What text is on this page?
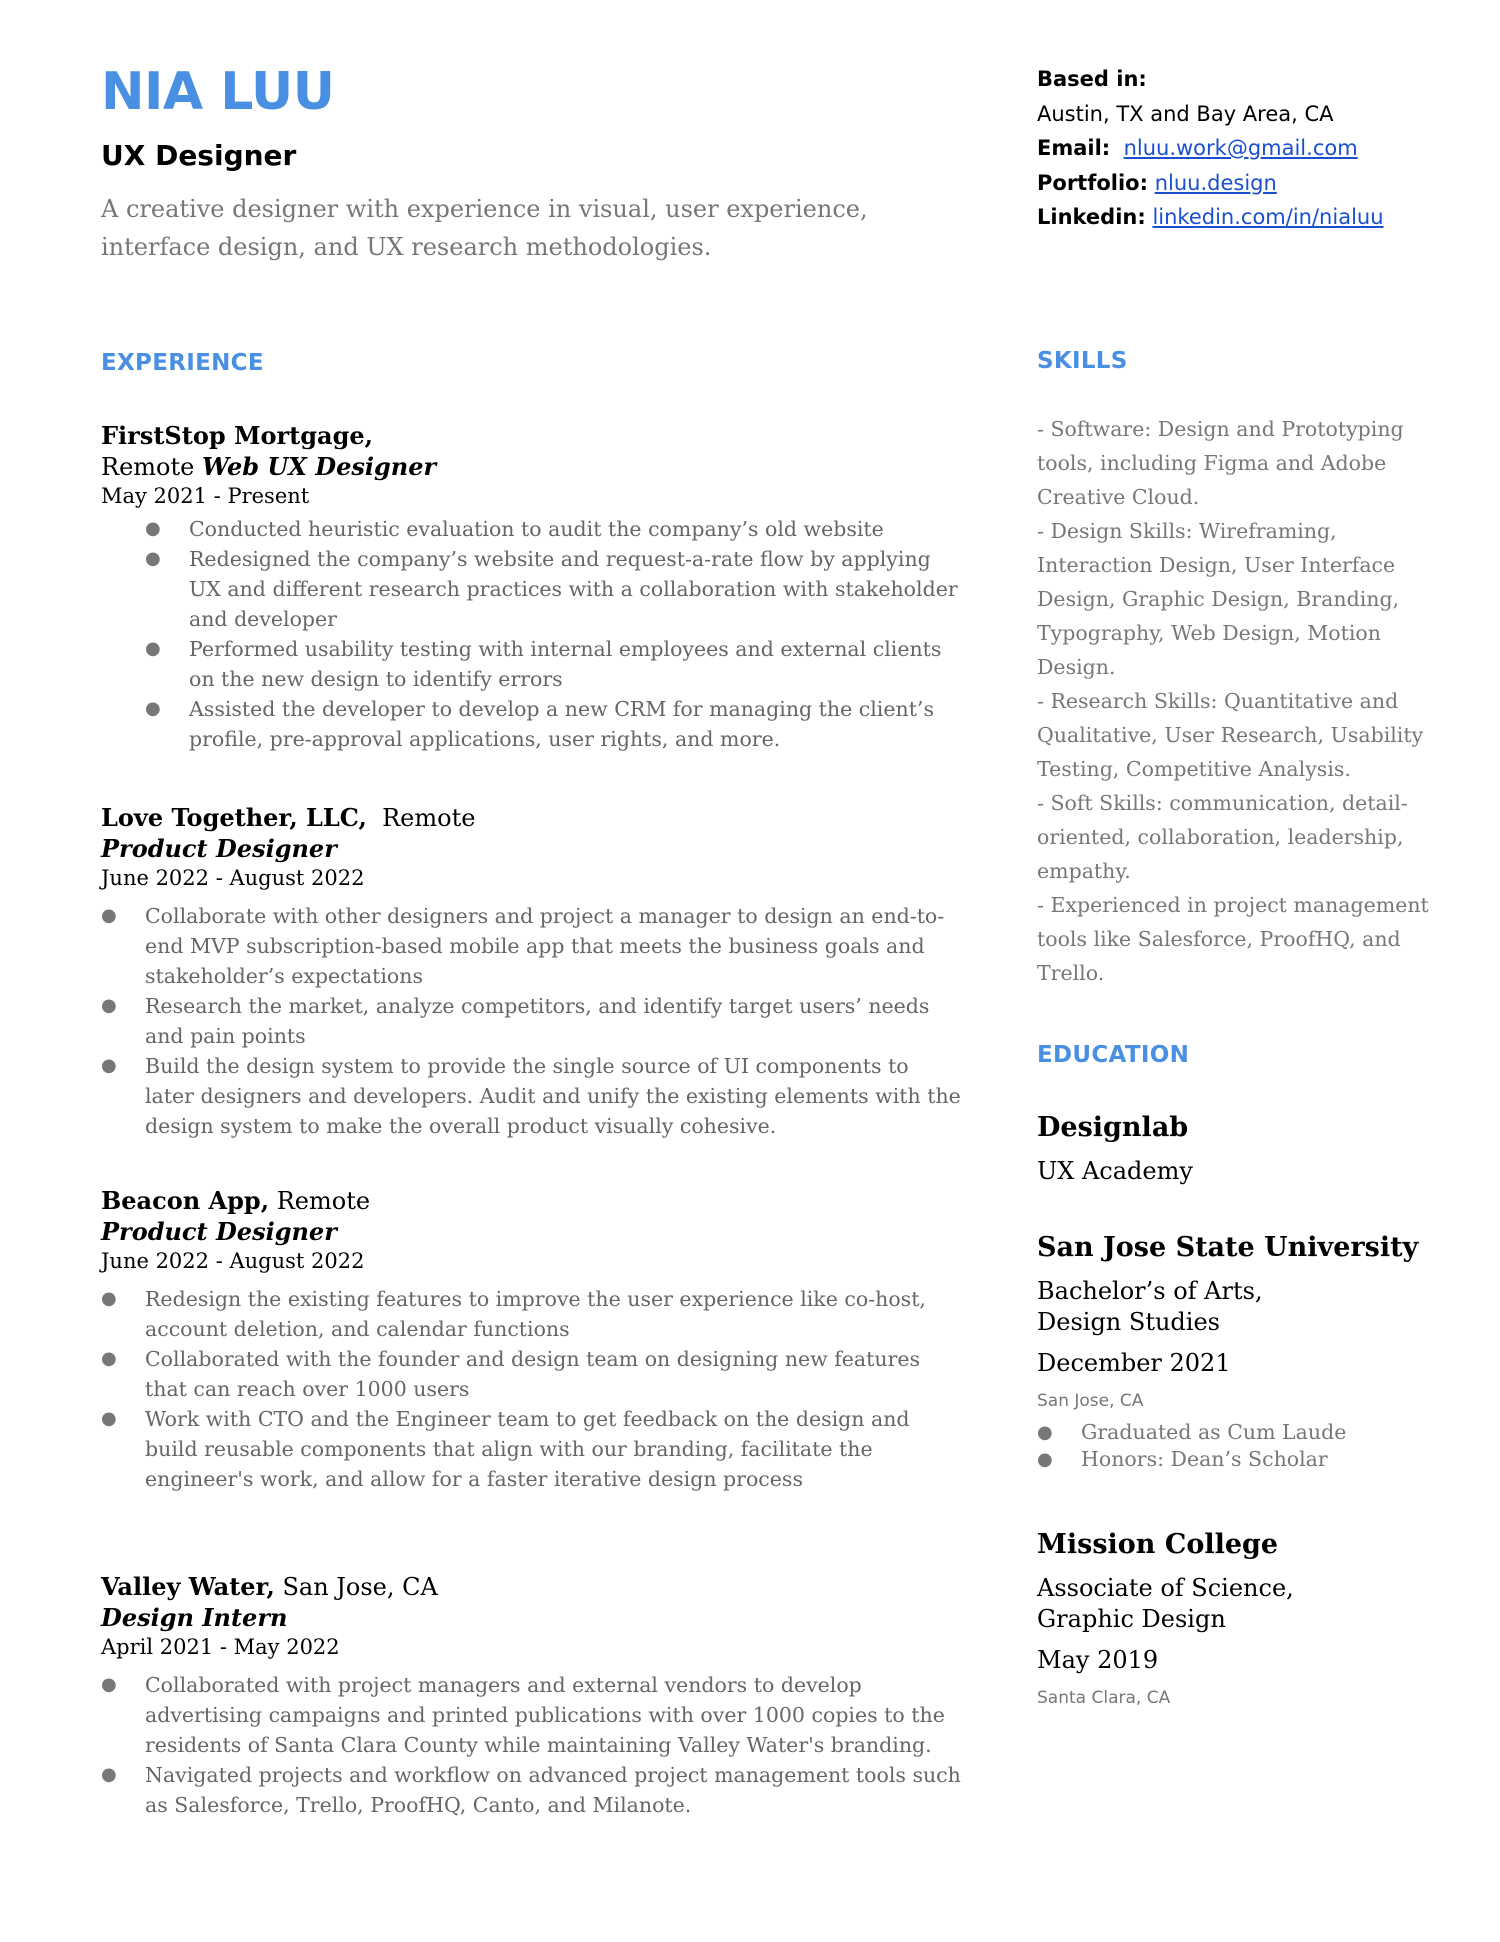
NIA LUU
UX Designer
A creative designer with experience in visual, user experience,
interface design, and UX research methodologies.
Based in:
Austin, TX and Bay Area, CA
Email: nluu.work@gmail.com
Portfolio: nluu.design
Linkedin: linkedin.com/in/nialuu
EXPERIENCE
FirstStop Mortgage,
Remote Web UX Designer
May 2021 - Present
● Conducted heuristic evaluation to audit the company’s old website
● Redesigned the company’s website and request-a-rate flow by applying UX and different research practices with a collaboration with stakeholder and developer
● Performed usability testing with internal employees and external clients on the new design to identify errors
● Assisted the developer to develop a new CRM for managing the client’s profile, pre-approval applications, user rights, and more.
Love Together, LLC, Remote
Product Designer
June 2022 - August 2022
● Collaborate with other designers and project a manager to design an end-to-end MVP subscription-based mobile app that meets the business goals and stakeholder’s expectations
● Research the market, analyze competitors, and identify target users’ needs and pain points
● Build the design system to provide the single source of UI components to later designers and developers. Audit and unify the existing elements with the design system to make the overall product visually cohesive.
Beacon App, Remote
Product Designer
June 2022 - August 2022
● Redesign the existing features to improve the user experience like co-host, account deletion, and calendar functions
● Collaborated with the founder and design team on designing new features that can reach over 1000 users
● Work with CTO and the Engineer team to get feedback on the design and build reusable components that align with our branding, facilitate the engineer's work, and allow for a faster iterative design process
Valley Water, San Jose, CA
Design Intern
April 2021 - May 2022
● Collaborated with project managers and external vendors to develop advertising campaigns and printed publications with over 1000 copies to the residents of Santa Clara County while maintaining Valley Water's branding.
● Navigated projects and workflow on advanced project management tools such as Salesforce, Trello, ProofHQ, Canto, and Milanote.
SKILLS

- Software: Design and Prototyping tools, including Figma and Adobe Creative Cloud.

- Design Skills: Wireframing, Interaction Design, User Interface Design, Graphic Design, Branding, Typography, Web Design, Motion Design.

- Research Skills: Quantitative and Qualitative, User Research, Usability Testing, Competitive Analysis.

- Soft Skills: communication, detail-oriented, collaboration, leadership, empathy.

- Experienced in project management tools like Salesforce, ProofHQ, and Trello.

EDUCATION
Designlab
UX Academy
San Jose State University
Bachelor’s of Arts,
Design Studies
December 2021
San Jose, CA
● Graduated as Cum Laude
● Honors: Dean’s Scholar
Mission College
Associate of Science,
Graphic Design
May 2019
Santa Clara, CA
